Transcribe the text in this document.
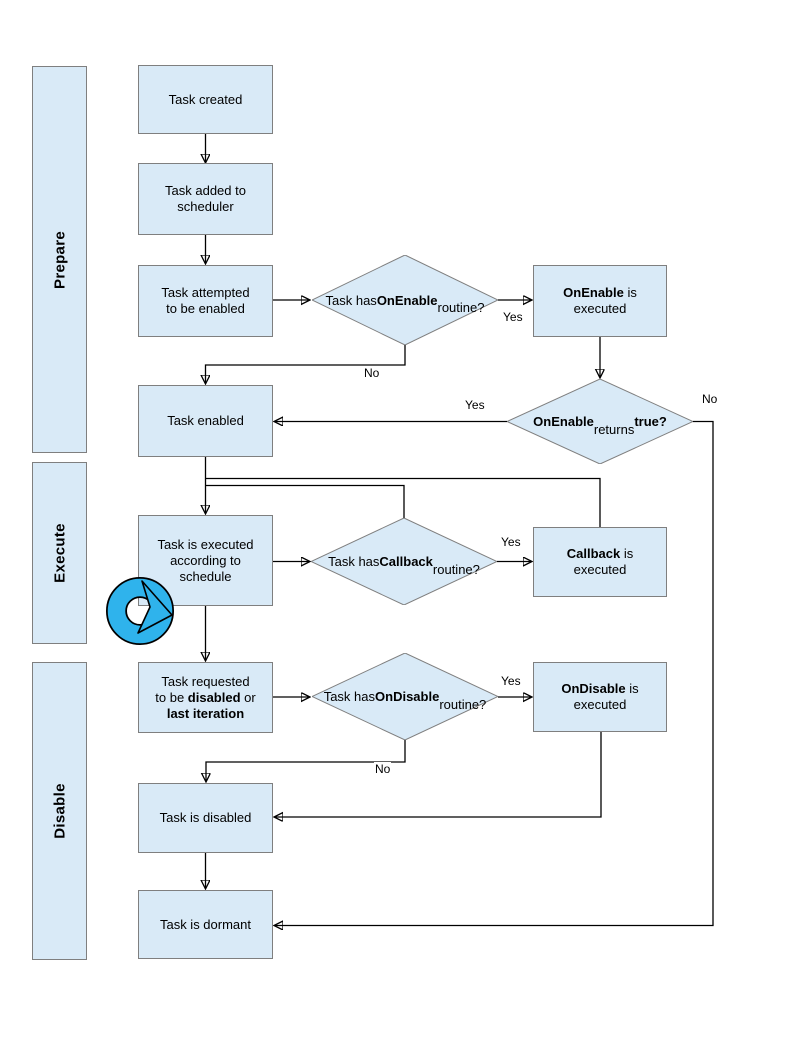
Prepare
Execute
Disable
Task created
Task added to
scheduler
Task attempted
to be enabled
Task enabled
Task is executed
according to
schedule
Task requested
to be disabled or
last iteration
Task is disabled
Task is dormant
OnEnable is
executed
Callback is
executed
OnDisable is
executed
Task has OnEnable routine?
OnEnable returns true?
Task has Callback routine?
Task has OnDisable routine?
Yes
No
Yes	No
Yes
Yes
No
